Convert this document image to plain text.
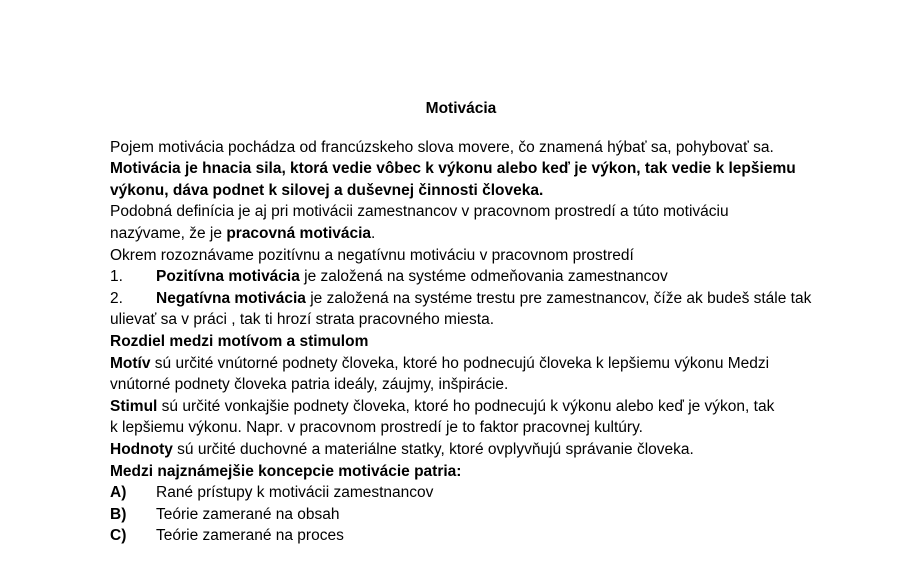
Motivácia

Pojem motivácia pochádza od francúzskeho slova movere, čo znamená hýbať sa, pohybovať sa.

Motivácia je hnacia sila, ktorá vedie vôbec k výkonu alebo keď je výkon, tak vedie k lepšiemu

výkonu, dáva podnet k silovej a duševnej činnosti človeka.

Podobná definícia je aj pri motivácii zamestnancov v pracovnom prostredí a túto motiváciu

nazývame, že je pracovná motivácia.

Okrem rozoznávame pozitívnu a negatívnu motiváciu v pracovnom prostredí

1. Pozitívna motivácia je založená na systéme odmeňovania zamestnancov
2. Negatívna motivácia je založená na systéme trestu pre zamestnancov, číže ak budeš stále tak

ulievať sa v práci , tak ti hrozí strata pracovného miesta.

Rozdiel medzi motívom a stimulom

Motív sú určité vnútorné podnety človeka, ktoré ho podnecujú človeka k lepšiemu výkonu Medzi

vnútorné podnety človeka patria ideály, záujmy, inšpirácie.

Stimul sú určité vonkajšie podnety človeka, ktoré ho podnecujú k výkonu alebo keď je výkon, tak

k lepšiemu výkonu. Napr. v pracovnom prostredí je to faktor pracovnej kultúry.

Hodnoty sú určité duchovné a materiálne statky, ktoré ovplyvňujú správanie človeka.

Medzi najznámejšie koncepcie motivácie patria:

A) Rané prístupy k motivácii zamestnancov
B) Teórie zamerané na obsah
C) Teórie zamerané na proces
